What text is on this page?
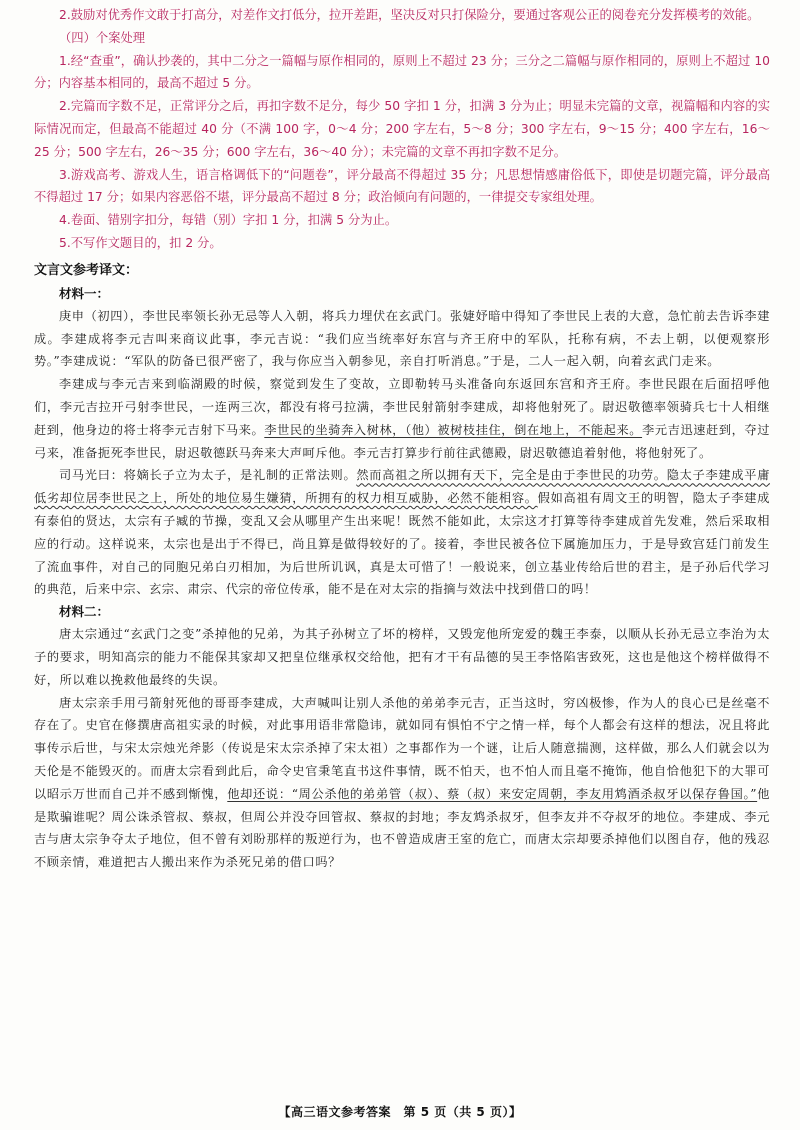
2.鼓励对优秀作文敢于打高分，对差作文打低分，拉开差距，坚决反对只打保险分，要通过客观公正的阅卷充分发挥模考的效能。

（四）个案处理

1.经“查重”，确认抄袭的，其中二分之一篇幅与原作相同的，原则上不超过 23 分；三分之二篇幅与原作相同的，原则上不超过 10 分；内容基本相同的，最高不超过 5 分。

2.完篇而字数不足，正常评分之后，再扣字数不足分，每少 50 字扣 1 分，扣满 3 分为止；明显未完篇的文章，视篇幅和内容的实际情况而定，但最高不能超过 40 分（不满 100 字，0～4 分；200 字左右，5～8 分；300 字左右，9～15 分；400 字左右，16～25 分；500 字左右，26～35 分；600 字左右，36～40 分）；未完篇的文章不再扣字数不足分。

3.游戏高考、游戏人生，语言格调低下的“问题卷”，评分最高不得超过 35 分；凡思想情感庸俗低下，即使是切题完篇，评分最高不得超过 17 分；如果内容恶俗不堪，评分最高不超过 8 分；政治倾向有问题的，一律提交专家组处理。

4.卷面、错别字扣分，每错（别）字扣 1 分，扣满 5 分为止。

5.不写作文题目的，扣 2 分。

文言文参考译文：

材料一：

庚申（初四），李世民率领长孙无忌等人入朝，将兵力埋伏在玄武门。张婕妤暗中得知了李世民上表的大意，急忙前去告诉李建成。李建成将李元吉叫来商议此事，李元吉说：“我们应当统率好东宫与齐王府中的军队，托称有病，不去上朝，以便观察形势。”李建成说：“军队的防备已很严密了，我与你应当入朝参见，亲自打听消息。”于是，二人一起入朝，向着玄武门走来。

李建成与李元吉来到临湖殿的时候，察觉到发生了变故，立即勒转马头准备向东返回东宫和齐王府。李世民跟在后面招呼他们，李元吉拉开弓射李世民，一连两三次，都没有将弓拉满，李世民射箭射李建成，却将他射死了。尉迟敬德率领骑兵七十人相继赶到，他身边的将士将李元吉射下马来。李世民的坐骑奔入树林，（他）被树枝挂住，倒在地上，不能起来。李元吉迅速赶到，夺过弓来，准备扼死李世民，尉迟敬德跃马奔来大声呵斥他。李元吉打算步行前往武德殿，尉迟敬德追着射他，将他射死了。

司马光曰：将嫡长子立为太子，是礼制的正常法则。然而高祖之所以拥有天下，完全是由于李世民的功劳。隐太子李建成平庸低劣却位居李世民之上，所处的地位易生嫌猜，所拥有的权力相互威胁，必然不能相容。假如高祖有周文王的明智，隐太子李建成有泰伯的贤达，太宗有子臧的节操，变乱又会从哪里产生出来呢！既然不能如此，太宗这才打算等待李建成首先发难，然后采取相应的行动。这样说来，太宗也是出于不得已，尚且算是做得较好的了。接着，李世民被各位下属施加压力，于是导致宫廷门前发生了流血事件，对自己的同胞兄弟白刃相加，为后世所讥讽，真是太可惜了！一般说来，创立基业传给后世的君主，是子孙后代学习的典范，后来中宗、玄宗、肃宗、代宗的帝位传承，能不是在对太宗的指摘与效法中找到借口的吗！

材料二：

唐太宗通过“玄武门之变”杀掉他的兄弟，为其子孙树立了坏的榜样，又毁宠他所宠爱的魏王李泰，以顺从长孙无忌立李治为太子的要求，明知高宗的能力不能保其家却又把皇位继承权交给他，把有才干有品德的吴王李恪陷害致死，这也是他这个榜样做得不好，所以难以挽救他最终的失误。

唐太宗亲手用弓箭射死他的哥哥李建成，大声喊叫让别人杀他的弟弟李元吉，正当这时，穷凶极惨，作为人的良心已是丝毫不存在了。史官在修撰唐高祖实录的时候，对此事用语非常隐讳，就如同有惧怕不宁之情一样，每个人都会有这样的想法，况且将此事传示后世，与宋太宗烛光斧影（传说是宋太宗杀掉了宋太祖）之事都作为一个谜，让后人随意揣测，这样做，那么人们就会以为天伦是不能毁灭的。而唐太宗看到此后，命令史官秉笔直书这件事情，既不怕天，也不怕人而且毫不掩饰，他自恰他犯下的大罪可以昭示万世而自己并不感到惭愧，他却还说：“周公杀他的弟弟管（叔）、蔡（叔）来安定周朝，李友用鸩酒杀叔牙以保存鲁国。”他是欺骗谁呢？周公诛杀管叔、蔡叔，但周公并没夺回管叔、蔡叔的封地；李友鸩杀叔牙，但李友并不夺叔牙的地位。李建成、李元吉与唐太宗争夺太子地位，但不曾有刘盼那样的叛逆行为，也不曾造成唐王室的危亡，而唐太宗却要杀掉他们以图自存，他的残忍不顾亲情，难道把古人搬出来作为杀死兄弟的借口吗？

【高三语文参考答案　第 5 页（共 5 页）】
